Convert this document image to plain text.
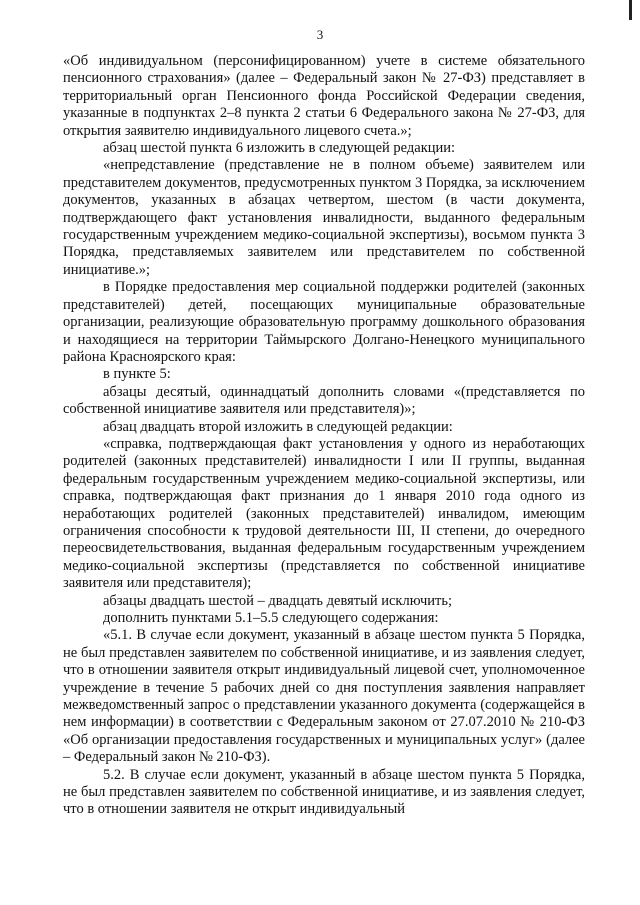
3

«Об индивидуальном (персонифицированном) учете в системе обязательного пенсионного страхования» (далее – Федеральный закон № 27-ФЗ) представляет в территориальный орган Пенсионного фонда Российской Федерации сведения, указанные в подпунктах 2–8 пункта 2 статьи 6 Федерального закона № 27-ФЗ, для открытия заявителю индивидуального лицевого счета.»;

абзац шестой пункта 6 изложить в следующей редакции:

«непредставление (представление не в полном объеме) заявителем или представителем документов, предусмотренных пунктом 3 Порядка, за исключением документов, указанных в абзацах четвертом, шестом (в части документа, подтверждающего факт установления инвалидности, выданного федеральным государственным учреждением медико-социальной экспертизы), восьмом пункта 3 Порядка, представляемых заявителем или представителем по собственной инициативе.»;

в Порядке предоставления мер социальной поддержки родителей (законных представителей) детей, посещающих муниципальные образовательные организации, реализующие образовательную программу дошкольного образования и находящиеся на территории Таймырского Долгано-Ненецкого муниципального района Красноярского края:

в пункте 5:

абзацы десятый, одиннадцатый дополнить словами «(представляется по собственной инициативе заявителя или представителя)»;

абзац двадцать второй изложить в следующей редакции:

«справка, подтверждающая факт установления у одного из неработающих родителей (законных представителей) инвалидности I или II группы, выданная федеральным государственным учреждением медико-социальной экспертизы, или справка, подтверждающая факт признания до 1 января 2010 года одного из неработающих родителей (законных представителей) инвалидом, имеющим ограничения способности к трудовой деятельности III, II степени, до очередного переосвидетельствования, выданная федеральным государственным учреждением медико-социальной экспертизы (представляется по собственной инициативе заявителя или представителя);

абзацы двадцать шестой – двадцать девятый исключить;

дополнить пунктами 5.1–5.5 следующего содержания:

«5.1. В случае если документ, указанный в абзаце шестом пункта 5 Порядка, не был представлен заявителем по собственной инициативе, и из заявления следует, что в отношении заявителя открыт индивидуальный лицевой счет, уполномоченное учреждение в течение 5 рабочих дней со дня поступления заявления направляет межведомственный запрос о представлении указанного документа (содержащейся в нем информации) в соответствии с Федеральным законом от 27.07.2010 № 210-ФЗ «Об организации предоставления государственных и муниципальных услуг» (далее – Федеральный закон № 210-ФЗ).

5.2. В случае если документ, указанный в абзаце шестом пункта 5 Порядка, не был представлен заявителем по собственной инициативе, и из заявления следует, что в отношении заявителя не открыт индивидуальный
